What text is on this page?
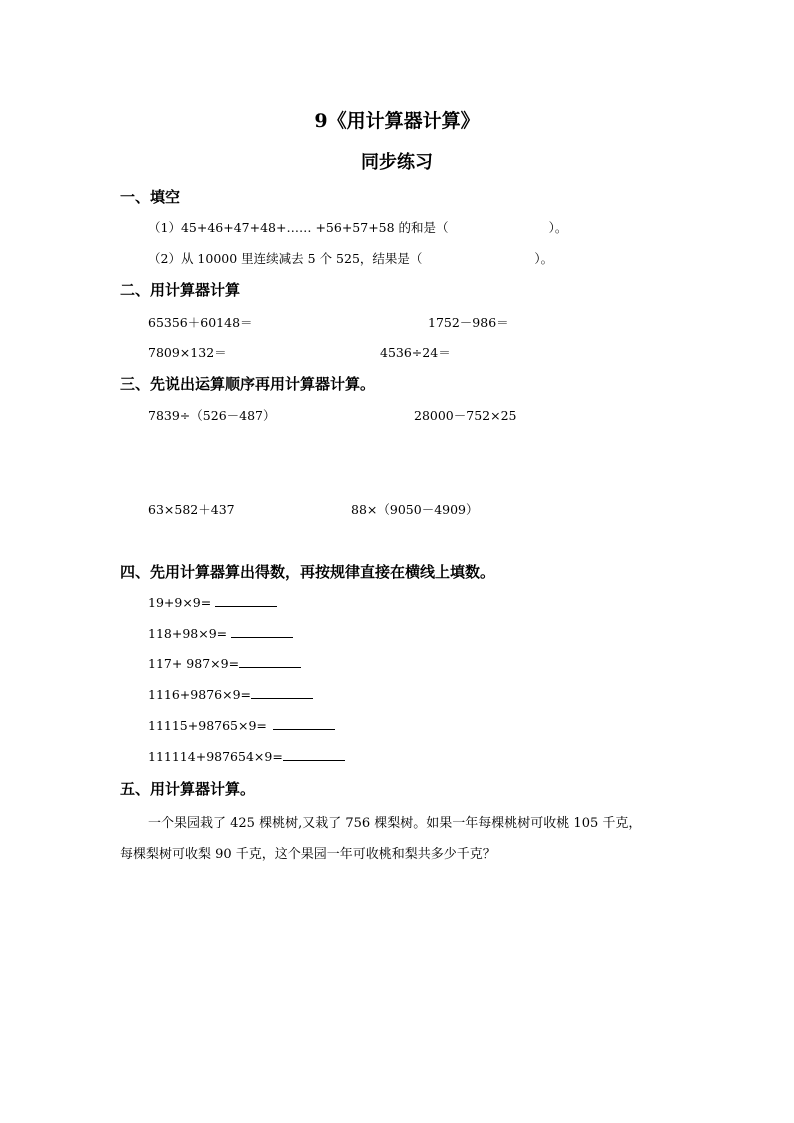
9《用计算器计算》
同步练习
一、填空
（1）45+46+47+48+…… +56+57+58 的和是（	）。
（2）从 10000 里连续减去 5 个 525，结果是（	）。
二、用计算器计算
65356＋60148＝	1752－986＝
7809×132＝	4536÷24＝
三、先说出运算顺序再用计算器计算。
7839÷（526－487）	28000－752×25
63×582＋437	88×（9050－4909）
四、先用计算器算出得数，再按规律直接在横线上填数。
19+9×9=
118+98×9=
117+ 987×9=
1116+9876×9=
11115+98765×9=
111114+987654×9=
五、用计算器计算。
一个果园栽了 425 棵桃树,又栽了 756 棵梨树。如果一年每棵桃树可收桃 105 千克，
每棵梨树可收梨 90 千克，这个果园一年可收桃和梨共多少千克？
